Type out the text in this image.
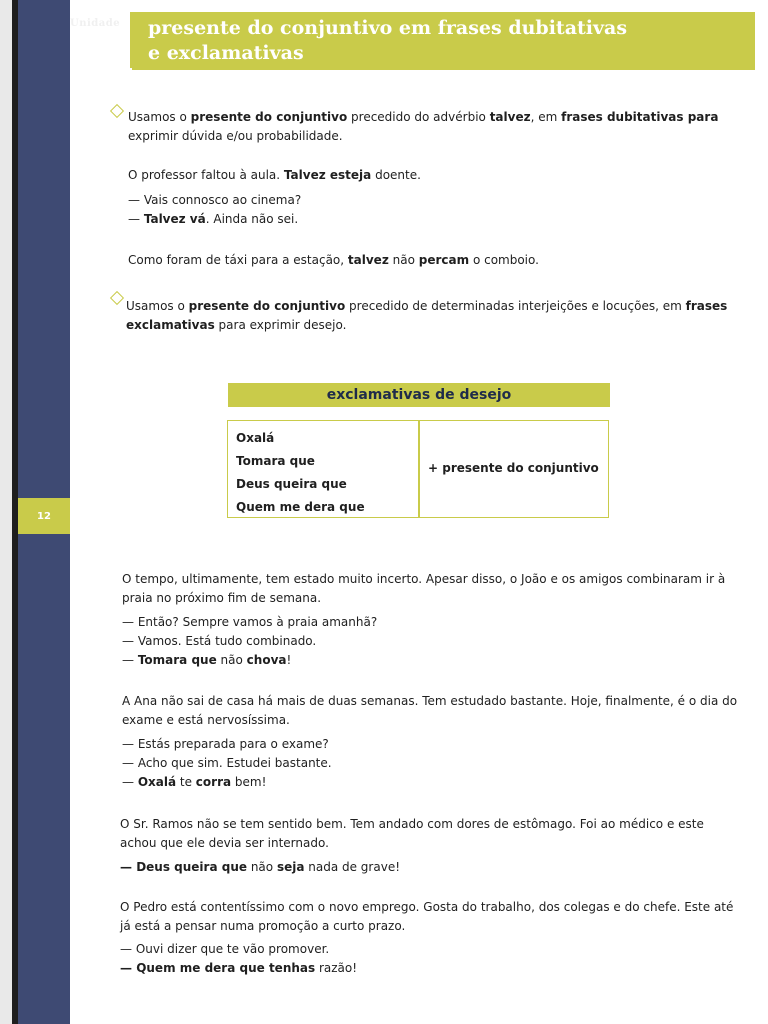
Unidade
4 presente do conjuntivo em frases dubitativas
e exclamativas
12
Usamos o presente do conjuntivo precedido do advérbio talvez, em frases dubitativas para exprimir dúvida e/ou probabilidade.
O professor faltou à aula. Talvez esteja doente.
— Vais connosco ao cinema?
— Talvez vá. Ainda não sei.
Como foram de táxi para a estação, talvez não percam o comboio.
Usamos o presente do conjuntivo precedido de determinadas interjeições e locuções, em frases exclamativas para exprimir desejo.
exclamativas de desejo
Oxalá
Tomara que
Deus queira que
Quem me dera que
+ presente do conjuntivo
O tempo, ultimamente, tem estado muito incerto. Apesar disso, o João e os amigos combinaram ir à praia no próximo fim de semana.
— Então? Sempre vamos à praia amanhã?
— Vamos. Está tudo combinado.
— Tomara que não chova!
A Ana não sai de casa há mais de duas semanas. Tem estudado bastante. Hoje, finalmente, é o dia do exame e está nervosíssima.
— Estás preparada para o exame?
— Acho que sim. Estudei bastante.
— Oxalá te corra bem!
O Sr. Ramos não se tem sentido bem. Tem andado com dores de estômago. Foi ao médico e este achou que ele devia ser internado.
— Deus queira que não seja nada de grave!
O Pedro está contentíssimo com o novo emprego. Gosta do trabalho, dos colegas e do chefe. Este até já está a pensar numa promoção a curto prazo.
— Ouvi dizer que te vão promover.
— Quem me dera que tenhas razão!
